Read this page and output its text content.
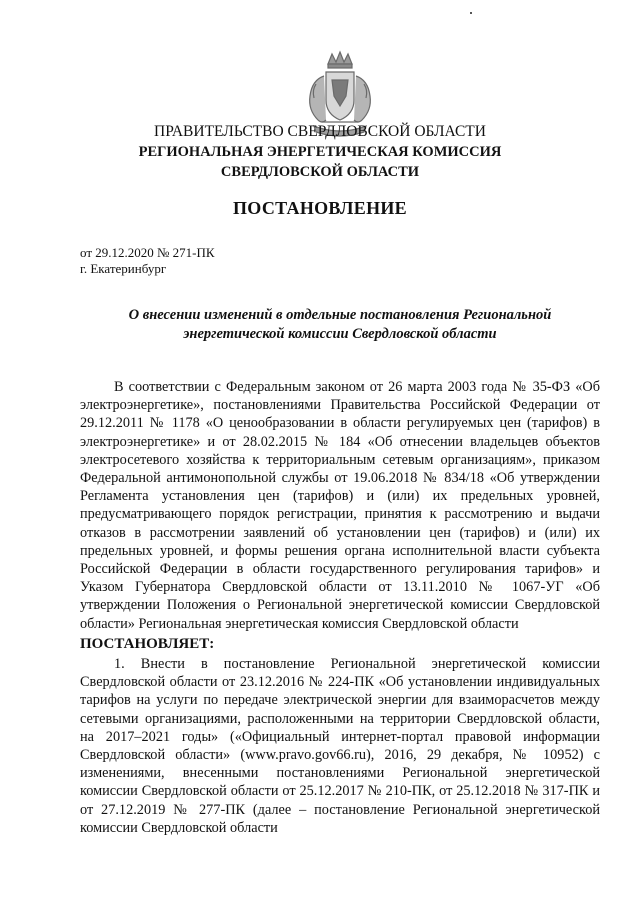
ПРАВИТЕЛЬСТВО СВЕРДЛОВСКОЙ ОБЛАСТИ
РЕГИОНАЛЬНАЯ ЭНЕРГЕТИЧЕСКАЯ КОМИССИЯ
СВЕРДЛОВСКОЙ ОБЛАСТИ
ПОСТАНОВЛЕНИЕ
от 29.12.2020 № 271-ПК
г. Екатеринбург
О внесении изменений в отдельные постановления Региональной
энергетической комиссии Свердловской области

В соответствии с Федеральным законом от 26 марта 2003 года № 35-ФЗ «Об электроэнергетике», постановлениями Правительства Российской Федерации от 29.12.2011 № 1178 «О ценообразовании в области регулируемых цен (тарифов) в электроэнергетике» и от 28.02.2015 № 184 «Об отнесении владельцев объектов электросетевого хозяйства к территориальным сетевым организациям», приказом Федеральной антимонопольной службы от 19.06.2018 № 834/18 «Об утверждении Регламента установления цен (тарифов) и (или) их предельных уровней, предусматривающего порядок регистрации, принятия к рассмотрению и выдачи отказов в рассмотрении заявлений об установлении цен (тарифов) и (или) их предельных уровней, и формы решения органа исполнительной власти субъекта Российской Федерации в области государственного регулирования тарифов» и Указом Губернатора Свердловской области от 13.11.2010 № 1067-УГ «Об утверждении Положения о Региональной энергетической комиссии Свердловской области» Региональная энергетическая комиссия Свердловской области

ПОСТАНОВЛЯЕТ:

1. Внести в постановление Региональной энергетической комиссии Свердловской области от 23.12.2016 № 224-ПК «Об установлении индивидуальных тарифов на услуги по передаче электрической энергии для взаиморасчетов между сетевыми организациями, расположенными на территории Свердловской области, на 2017–2021 годы» («Официальный интернет-портал правовой информации Свердловской области» (www.pravo.gov66.ru), 2016, 29 декабря, № 10952) с изменениями, внесенными постановлениями Региональной энергетической комиссии Свердловской области от 25.12.2017 № 210-ПК, от 25.12.2018 № 317-ПК и от 27.12.2019 № 277-ПК (далее – постановление Региональной энергетической комиссии Свердловской области
